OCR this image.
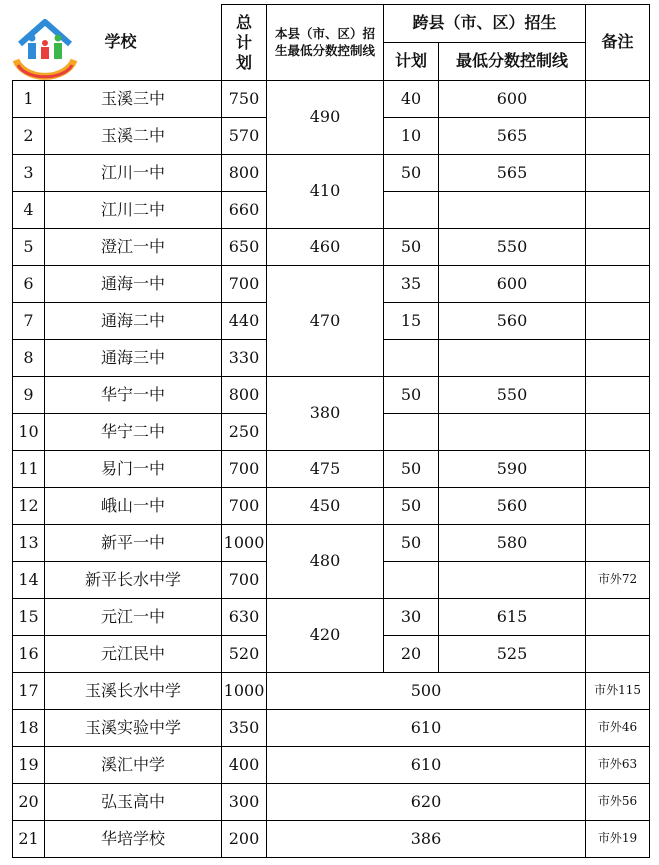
学校		总计划	本县（市、区）招生最低分数控制线	跨县（市、区）招生		备注
				计划	最低分数控制线	
1	玉溪三中	750	490	40	600	
2	玉溪二中	570		10	565	
3	江川一中	800	410	50	565	
4	江川二中	660				
5	澄江一中	650	460	50	550	
6	通海一中	700	470	35	600	
7	通海二中	440		15	560	
8	通海三中	330				
9	华宁一中	800	380	50	550	
10	华宁二中	250				
11	易门一中	700	475	50	590	
12	峨山一中	700	450	50	560	
13	新平一中	1000	480	50	580	
14	新平长水中学	700				市外72
15	元江一中	630	420	30	615	
16	元江民中	520		20	525	
17	玉溪长水中学	1000	500			市外115
18	玉溪实验中学	350	610			市外46
19	溪汇中学	400	610			市外63
20	弘玉高中	300	620			市外56
21	华培学校	200	386			市外19
